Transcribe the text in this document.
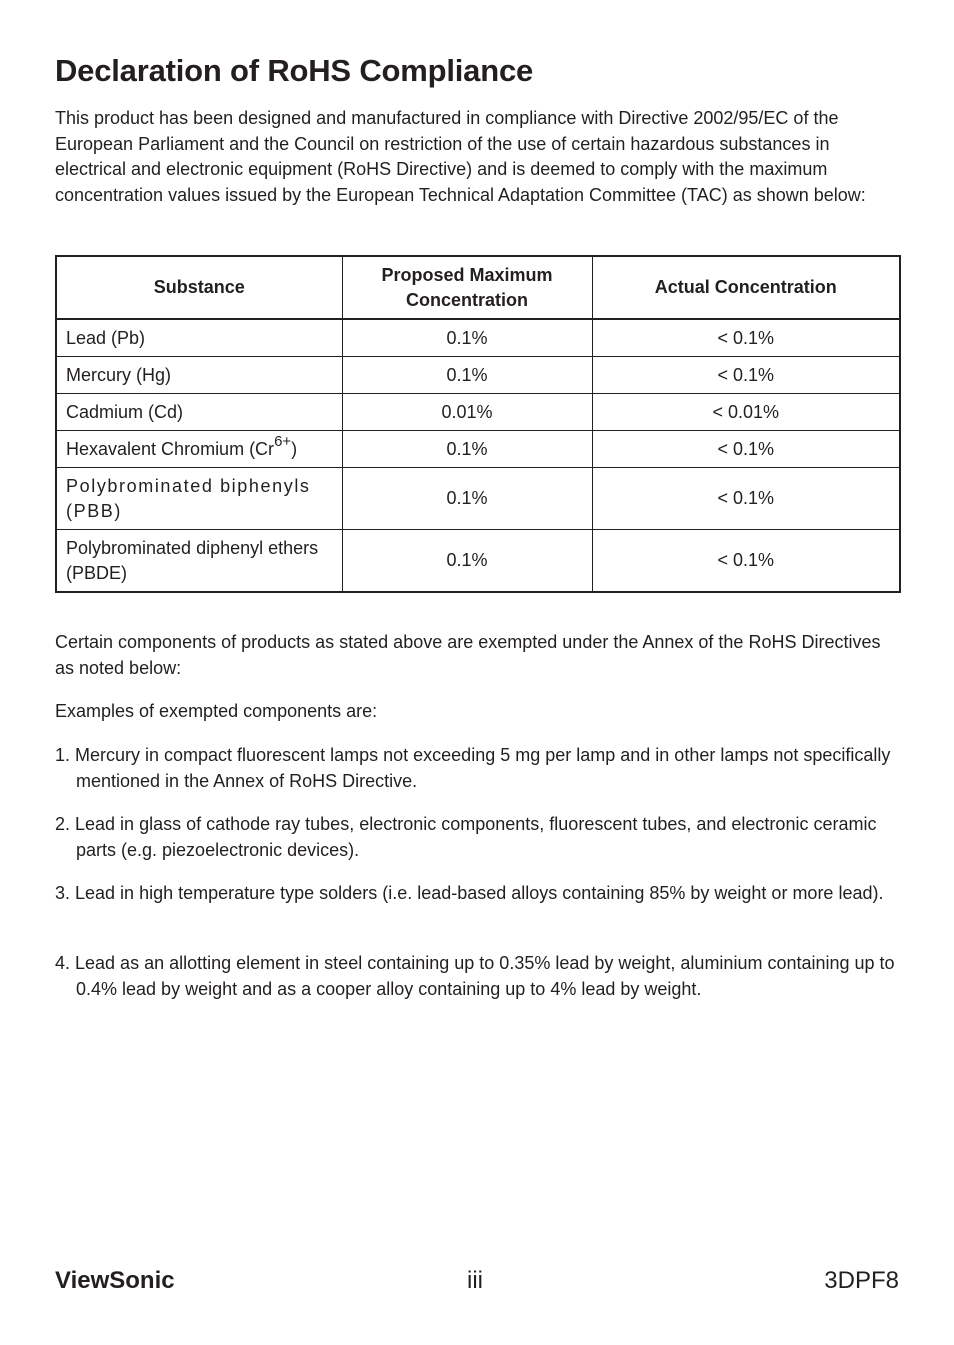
Declaration of RoHS Compliance

This product has been designed and manufactured in compliance with Directive 2002/95/EC of the European Parliament and the Council on restriction of the use of certain hazardous substances in electrical and electronic equipment (RoHS Directive) and is deemed to comply with the maximum concentration values issued by the European Technical Adaptation Committee (TAC) as shown below:

Substance	Proposed Maximum Concentration	Actual Concentration
Lead (Pb)	0.1%	< 0.1%
Mercury (Hg)	0.1%	< 0.1%
Cadmium (Cd)	0.01%	< 0.01%
Hexavalent Chromium $(Cr^{6+})$	0.1%	< 0.1%
Polybrominated biphenyls (PBB)	0.1%	< 0.1%
Polybrominated diphenyl ethers (PBDE)	0.1%	< 0.1%

Certain components of products as stated above are exempted under the Annex of the RoHS Directives as noted below:

Examples of exempted components are:

1. Mercury in compact fluorescent lamps not exceeding 5 mg per lamp and in other lamps not specifically mentioned in the Annex of RoHS Directive.

2. Lead in glass of cathode ray tubes, electronic components, fluorescent tubes, and electronic ceramic parts (e.g. piezoelectronic devices).

3. Lead in high temperature type solders (i.e. lead-based alloys containing 85% by weight or more lead).

4. Lead as an allotting element in steel containing up to 0.35% lead by weight, aluminium containing up to 0.4% lead by weight and as a cooper alloy containing up to 4% lead by weight.

ViewSonic	iii	3DPF8
